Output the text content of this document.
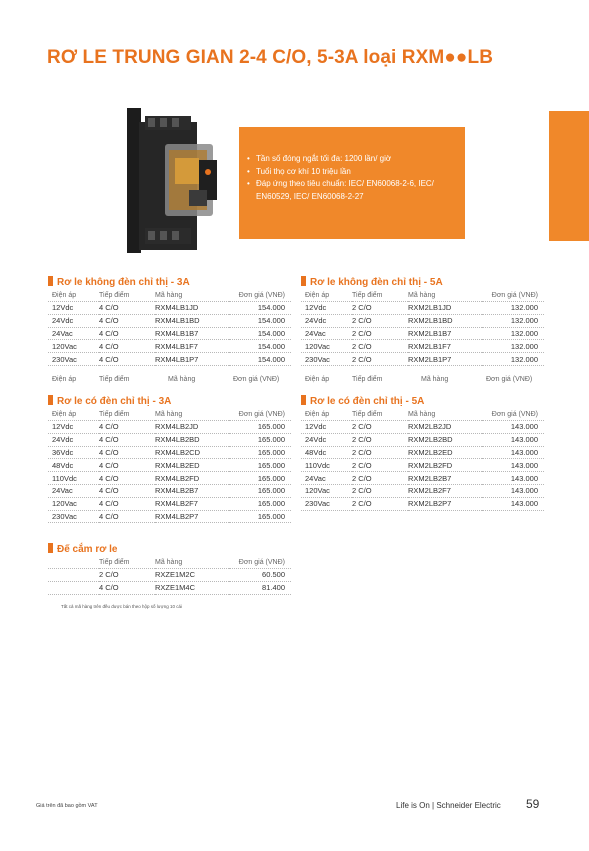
RƠ LE TRUNG GIAN 2-4 C/O, 5-3A loại RXM●●LB
• Tần số đóng ngắt tối đa: 1200 lần/ giờ
• Tuổi thọ cơ khí 10 triệu lần
• Đáp ứng theo tiêu chuẩn: IEC/ EN60068-2-6, IEC/ EN60529, IEC/ EN60068-2-27
Rơ le không đèn chỉ thị - 3A
Điện áp	Tiếp điểm	Mã hàng	Đơn giá (VNĐ)
12Vdc	4 C/O	RXM4LB1JD	154.000
24Vdc	4 C/O	RXM4LB1BD	154.000
24Vac	4 C/O	RXM4LB1B7	154.000
120Vac	4 C/O	RXM4LB1F7	154.000
230Vac	4 C/O	RXM4LB1P7	154.000
Rơ le không đèn chỉ thị - 5A
Điện áp	Tiếp điểm	Mã hàng	Đơn giá (VNĐ)
12Vdc	2 C/O	RXM2LB1JD	132.000
24Vdc	2 C/O	RXM2LB1BD	132.000
24Vac	2 C/O	RXM2LB1B7	132.000
120Vac	2 C/O	RXM2LB1F7	132.000
230Vac	2 C/O	RXM2LB1P7	132.000
Điện áp	Tiếp điểm	Mã hàng	Đơn giá (VNĐ)	Điện áp	Tiếp điểm	Mã hàng	Đơn giá (VNĐ)
Rơ le có đèn chỉ thị - 3A
Điện áp	Tiếp điểm	Mã hàng	Đơn giá (VNĐ)
12Vdc	4 C/O	RXM4LB2JD	165.000
24Vdc	4 C/O	RXM4LB2BD	165.000
36Vdc	4 C/O	RXM4LB2CD	165.000
48Vdc	4 C/O	RXM4LB2ED	165.000
110Vdc	4 C/O	RXM4LB2FD	165.000
24Vac	4 C/O	RXM4LB2B7	165.000
120Vac	4 C/O	RXM4LB2F7	165.000
230Vac	4 C/O	RXM4LB2P7	165.000
Rơ le có đèn chỉ thị - 5A
Điện áp	Tiếp điểm	Mã hàng	Đơn giá (VNĐ)
12Vdc	2 C/O	RXM2LB2JD	143.000
24Vdc	2 C/O	RXM2LB2BD	143.000
48Vdc	2 C/O	RXM2LB2ED	143.000
110Vdc	2 C/O	RXM2LB2FD	143.000
24Vac	2 C/O	RXM2LB2B7	143.000
120Vac	2 C/O	RXM2LB2F7	143.000
230Vac	2 C/O	RXM2LB2P7	143.000
Đế cắm rơ le
	Tiếp điểm	Mã hàng	Đơn giá (VNĐ)
	2 C/O	RXZE1M2C	60.500
	4 C/O	RXZE1M4C	81.400
Tất cả mã hàng trên đều được bán theo hộp số lượng 10 cái
Giá trên đã bao gồm VAT	Life is On | Schneider Electric 59
